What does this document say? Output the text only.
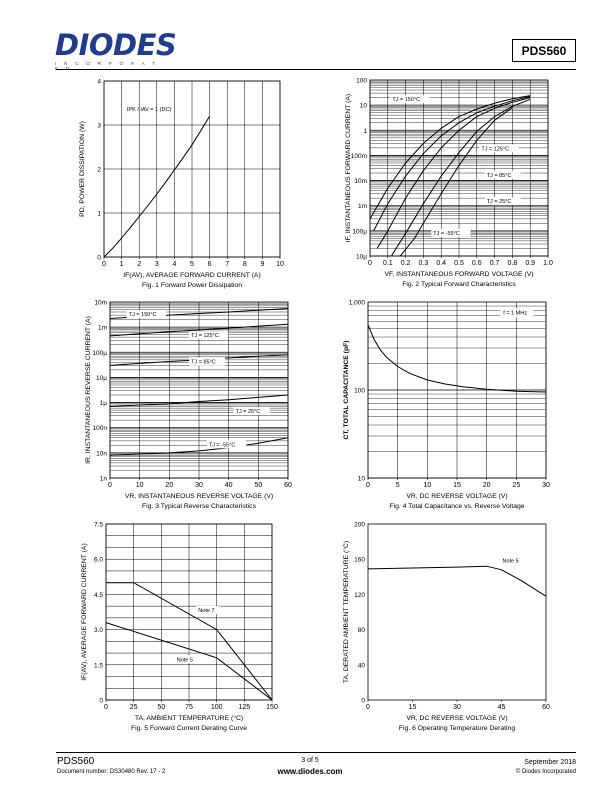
DIODES
I N C O R P O R A T E D
PDS560
0 1 2 3 4 5 6 7 8 9 10
0
1
2
3
4
IF(AV), AVERAGE FORWARD CURRENT (A)
PD, POWER DISSIPATION (W)
Fig. 1 Forward Power Dissipation
IPK / IAV = 1 (DC)
0 0.1 0.2 0.3 0.4 0.5 0.6 0.7 0.8 0.9 1.0
10µ
100µ
1m
10m
100m
1
10
100
VF, INSTANTANEOUS FORWARD VOLTAGE (V)
IF, INSTANTANEOUS FORWARD CURRENT (A)
Fig. 2 Typical Forward Characteristics
TJ = 150°C
TJ = 125°C
TJ = 85°C
TJ = 25°C
TJ = -55°C
0	10	20	30	40	50	60
1n
10n
100n
1µ
10µ
100µ
1m
10m
VR, INSTANTANEOUS REVERSE VOLTAGE (V)
IR, INSTANTANEOUS REVERSE CURRENT (A)
Fig. 3 Typical Reverse Characteristics
TJ = 150°C
TJ = 125°C
TJ = 85°C
TJ = 25°C
TJ = -55°C
0	5	10	15	20	25	30
10
100
1,000
VR, DC REVERSE VOLTAGE (V)
CT, TOTAL CAPACITANCE (pF)
Fig. 4 Total Capacitance vs. Reverse Voltage
f = 1 MHz
0	25	50	75	100 125 150
0
1.5
3.0
4.5
6.0
7.5
TA, AMBIENT TEMPERATURE (°C)
IF(AV), AVERAGE FORWARD CURRENT (A)
Fig. 5 Forward Current Derating Curve
Note 7
Note 5
0	15	30	45	60
0
40
80
120
160
200
VR, DC REVERSE VOLTAGE (V)
TA, DERATED AMBIENT TEMPERATURE (°C)
Fig. 6 Operating Temperature Derating
Note 5
PDS560
Document number: DS30480 Rev. 17 - 2
3 of 5
www.diodes.com
September 2018
© Diodes Incorporated
